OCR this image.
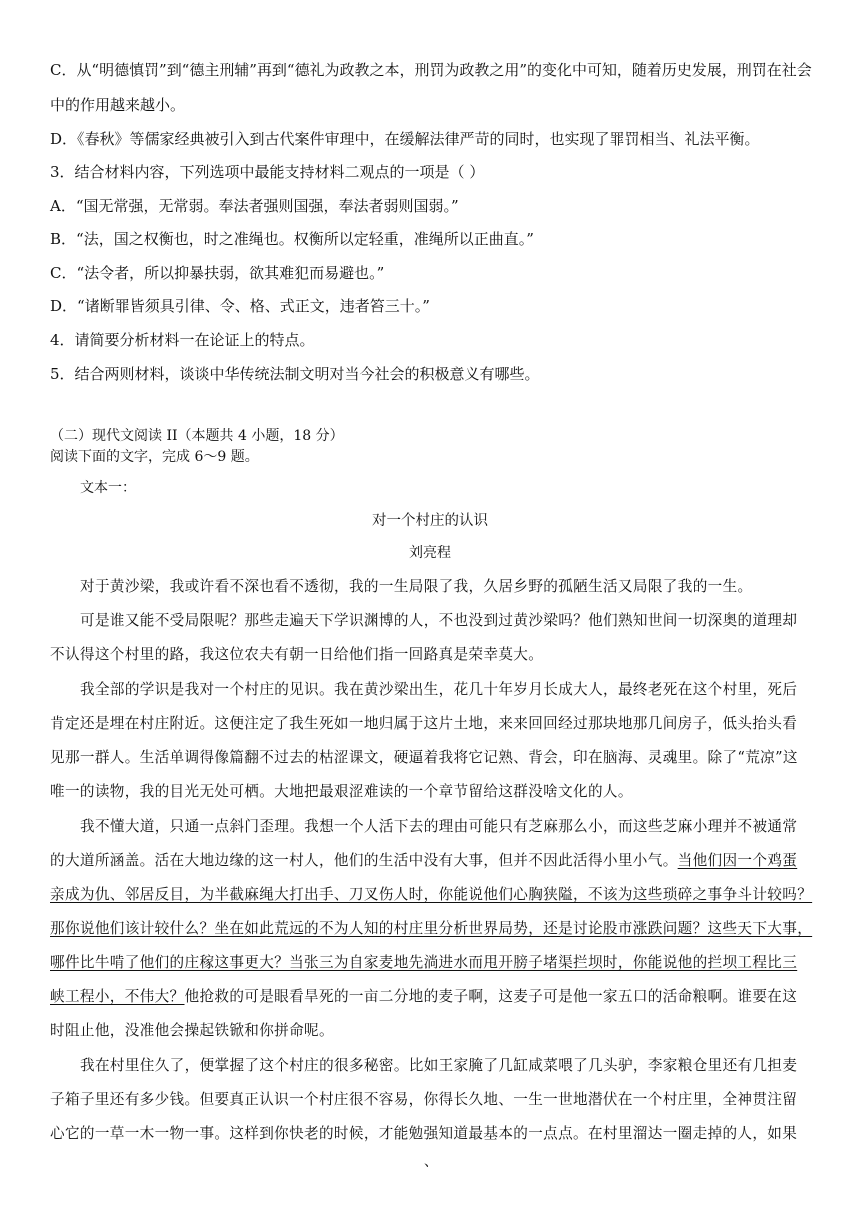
C．从“明德慎罚”到“德主刑辅”再到“德礼为政教之本，刑罚为政教之用”的变化中可知，随着历史发展，刑罚在社会
中的作用越来越小。
D．《春秋》等儒家经典被引入到古代案件审理中，在缓解法律严苛的同时，也实现了罪罚相当、礼法平衡。
3．结合材料内容，下列选项中最能支持材料二观点的一项是（ ）
A．“国无常强，无常弱。奉法者强则国强，奉法者弱则国弱。”
B．“法，国之权衡也，时之准绳也。权衡所以定轻重，准绳所以正曲直。”
C．“法令者，所以抑暴扶弱，欲其难犯而易避也。”
D．“诸断罪皆须具引律、令、格、式正文，违者笞三十。”
4．请简要分析材料一在论证上的特点。
5．结合两则材料，谈谈中华传统法制文明对当今社会的积极意义有哪些。
（二）现代文阅读 II（本题共 4 小题，18 分）
阅读下面的文字，完成 6～9 题。
文本一：
对一个村庄的认识
刘亮程
对于黄沙梁，我或许看不深也看不透彻，我的一生局限了我，久居乡野的孤陋生活又局限了我的一生。
可是谁又能不受局限呢？那些走遍天下学识渊博的人，不也没到过黄沙梁吗？他们熟知世间一切深奥的道理却
不认得这个村里的路，我这位农夫有朝一日给他们指一回路真是荣幸莫大。
我全部的学识是我对一个村庄的见识。我在黄沙梁出生，花几十年岁月长成大人，最终老死在这个村里，死后
肯定还是埋在村庄附近。这便注定了我生死如一地归属于这片土地，来来回回经过那块地那几间房子，低头抬头看
见那一群人。生活单调得像篇翻不过去的枯涩课文，硬逼着我将它记熟、背会，印在脑海、灵魂里。除了“荒凉”这
唯一的读物，我的目光无处可栖。大地把最艰涩难读的一个章节留给这群没啥文化的人。
我不懂大道，只通一点斜门歪理。我想一个人活下去的理由可能只有芝麻那么小，而这些芝麻小理并不被通常
的大道所涵盖。活在大地边缘的这一村人，他们的生活中没有大事，但并不因此活得小里小气。当他们因一个鸡蛋
亲成为仇、邻居反目，为半截麻绳大打出手、刀叉伤人时，你能说他们心胸狭隘，不该为这些琐碎之事争斗计较吗？
那你说他们该计较什么？坐在如此荒远的不为人知的村庄里分析世界局势，还是讨论股市涨跌问题？这些天下大事，
哪件比牛啃了他们的庄稼这事更大？当张三为自家麦地先淌进水而甩开膀子堵渠拦坝时，你能说他的拦坝工程比三
峡工程小，不伟大？他抢救的可是眼看旱死的一亩二分地的麦子啊，这麦子可是他一家五口的活命粮啊。谁要在这
时阻止他，没准他会操起铁锨和你拼命呢。
我在村里住久了，便掌握了这个村庄的很多秘密。比如王家腌了几缸咸菜喂了几头驴，李家粮仓里还有几担麦
子箱子里还有多少钱。但要真正认识一个村庄很不容易，你得长久地、一生一世地潜伏在一个村庄里，全神贯注留
心它的一草一木一物一事。这样到你快老的时候，才能勉强知道最基本的一点点。在村里溜达一圈走掉的人，如果
、
